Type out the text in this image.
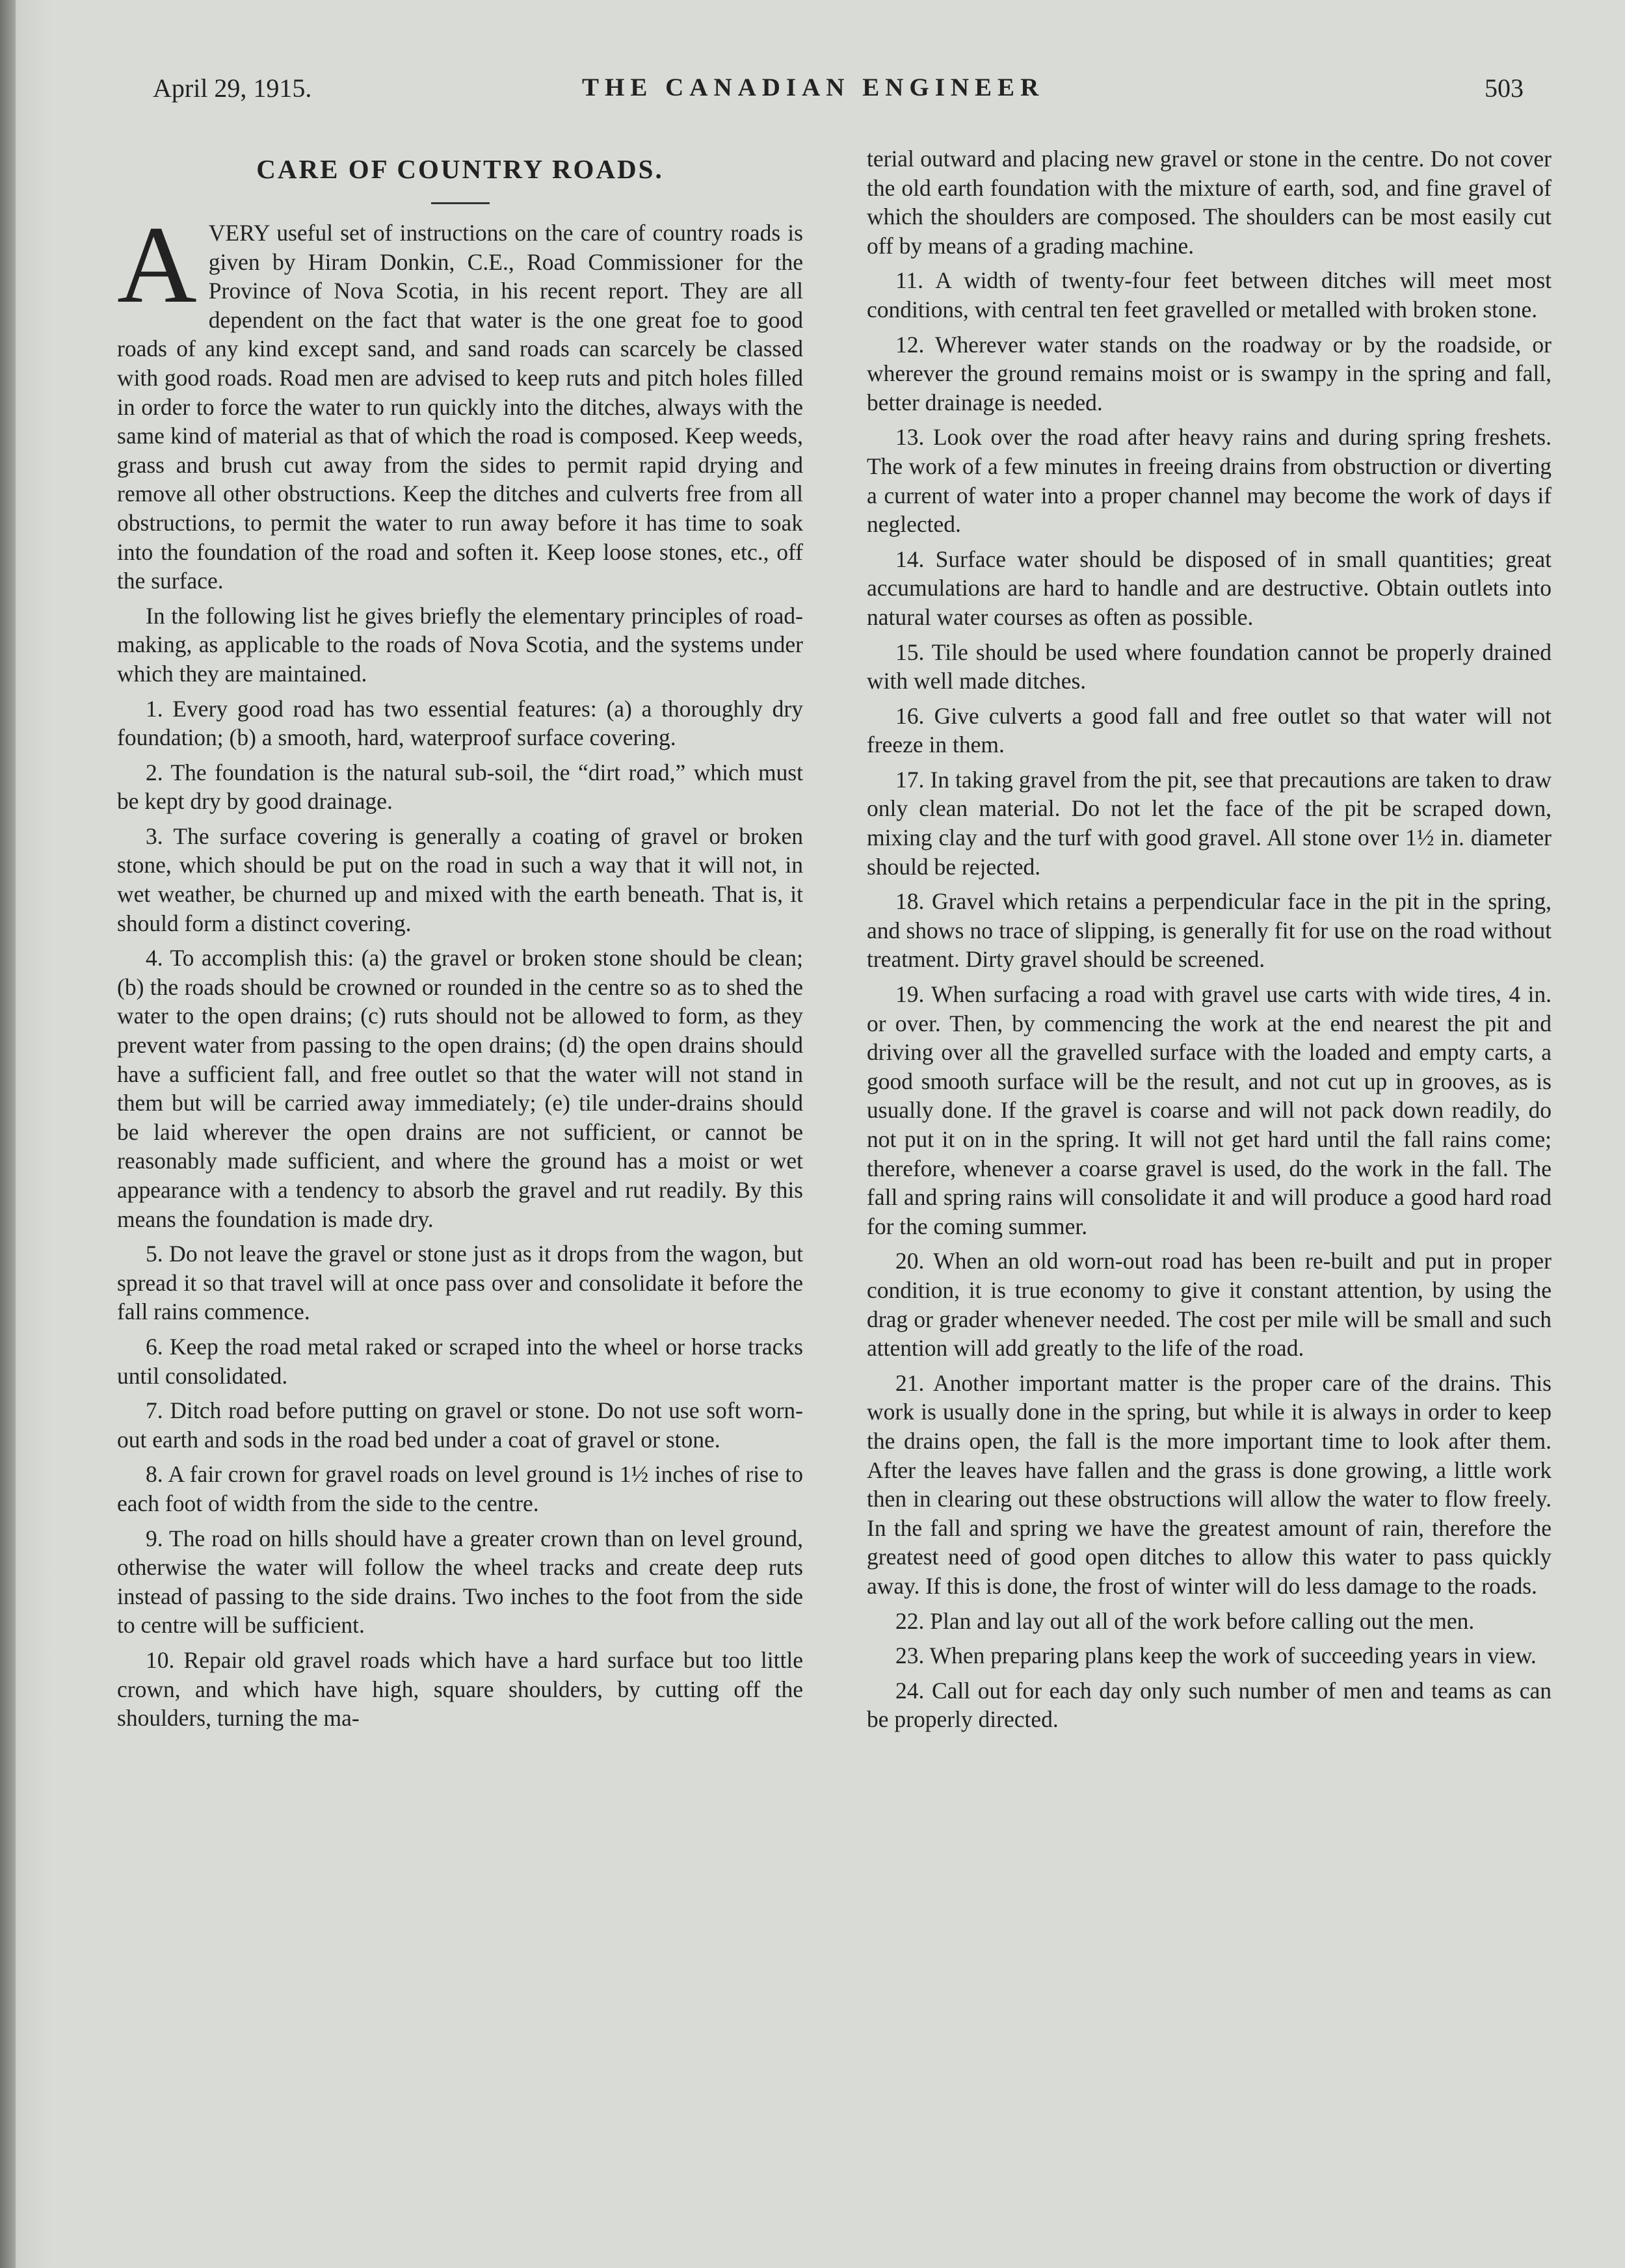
April 29, 1915.	THE CANADIAN ENGINEER	503
CARE OF COUNTRY ROADS.

AVERY useful set of instructions on the care of country roads is given by Hiram Donkin, C.E., Road Commissioner for the Province of Nova Scotia, in his recent report. They are all dependent on the fact that water is the one great foe to good roads of any kind except sand, and sand roads can scarcely be classed with good roads. Road men are advised to keep ruts and pitch holes filled in order to force the water to run quickly into the ditches, always with the same kind of material as that of which the road is composed. Keep weeds, grass and brush cut away from the sides to permit rapid drying and remove all other obstructions. Keep the ditches and culverts free from all obstructions, to permit the water to run away before it has time to soak into the foundation of the road and soften it. Keep loose stones, etc., off the surface.

In the following list he gives briefly the elementary principles of road-making, as applicable to the roads of Nova Scotia, and the systems under which they are maintained.

1. Every good road has two essential features: (a) a thoroughly dry foundation; (b) a smooth, hard, waterproof surface covering.

2. The foundation is the natural sub-soil, the “dirt road,” which must be kept dry by good drainage.

3. The surface covering is generally a coating of gravel or broken stone, which should be put on the road in such a way that it will not, in wet weather, be churned up and mixed with the earth beneath. That is, it should form a distinct covering.

4. To accomplish this: (a) the gravel or broken stone should be clean; (b) the roads should be crowned or rounded in the centre so as to shed the water to the open drains; (c) ruts should not be allowed to form, as they prevent water from passing to the open drains; (d) the open drains should have a sufficient fall, and free outlet so that the water will not stand in them but will be carried away immediately; (e) tile under-drains should be laid wherever the open drains are not sufficient, or cannot be reasonably made sufficient, and where the ground has a moist or wet appearance with a tendency to absorb the gravel and rut readily. By this means the foundation is made dry.

5. Do not leave the gravel or stone just as it drops from the wagon, but spread it so that travel will at once pass over and consolidate it before the fall rains commence.

6. Keep the road metal raked or scraped into the wheel or horse tracks until consolidated.

7. Ditch road before putting on gravel or stone. Do not use soft worn-out earth and sods in the road bed under a coat of gravel or stone.

8. A fair crown for gravel roads on level ground is 1½ inches of rise to each foot of width from the side to the centre.

9. The road on hills should have a greater crown than on level ground, otherwise the water will follow the wheel tracks and create deep ruts instead of passing to the side drains. Two inches to the foot from the side to centre will be sufficient.

10. Repair old gravel roads which have a hard surface but too little crown, and which have high, square shoulders, by cutting off the shoulders, turning the ma-

terial outward and placing new gravel or stone in the centre. Do not cover the old earth foundation with the mixture of earth, sod, and fine gravel of which the shoulders are composed. The shoulders can be most easily cut off by means of a grading machine.

11. A width of twenty-four feet between ditches will meet most conditions, with central ten feet gravelled or metalled with broken stone.

12. Wherever water stands on the roadway or by the roadside, or wherever the ground remains moist or is swampy in the spring and fall, better drainage is needed.

13. Look over the road after heavy rains and during spring freshets. The work of a few minutes in freeing drains from obstruction or diverting a current of water into a proper channel may become the work of days if neglected.

14. Surface water should be disposed of in small quantities; great accumulations are hard to handle and are destructive. Obtain outlets into natural water courses as often as possible.

15. Tile should be used where foundation cannot be properly drained with well made ditches.

16. Give culverts a good fall and free outlet so that water will not freeze in them.

17. In taking gravel from the pit, see that precautions are taken to draw only clean material. Do not let the face of the pit be scraped down, mixing clay and the turf with good gravel. All stone over 1½ in. diameter should be rejected.

18. Gravel which retains a perpendicular face in the pit in the spring, and shows no trace of slipping, is generally fit for use on the road without treatment. Dirty gravel should be screened.

19. When surfacing a road with gravel use carts with wide tires, 4 in. or over. Then, by commencing the work at the end nearest the pit and driving over all the gravelled surface with the loaded and empty carts, a good smooth surface will be the result, and not cut up in grooves, as is usually done. If the gravel is coarse and will not pack down readily, do not put it on in the spring. It will not get hard until the fall rains come; therefore, whenever a coarse gravel is used, do the work in the fall. The fall and spring rains will consolidate it and will produce a good hard road for the coming summer.

20. When an old worn-out road has been re-built and put in proper condition, it is true economy to give it constant attention, by using the drag or grader whenever needed. The cost per mile will be small and such attention will add greatly to the life of the road.

21. Another important matter is the proper care of the drains. This work is usually done in the spring, but while it is always in order to keep the drains open, the fall is the more important time to look after them. After the leaves have fallen and the grass is done growing, a little work then in clearing out these obstructions will allow the water to flow freely. In the fall and spring we have the greatest amount of rain, therefore the greatest need of good open ditches to allow this water to pass quickly away. If this is done, the frost of winter will do less damage to the roads.

22. Plan and lay out all of the work before calling out the men.

23. When preparing plans keep the work of succeeding years in view.

24. Call out for each day only such number of men and teams as can be properly directed.
